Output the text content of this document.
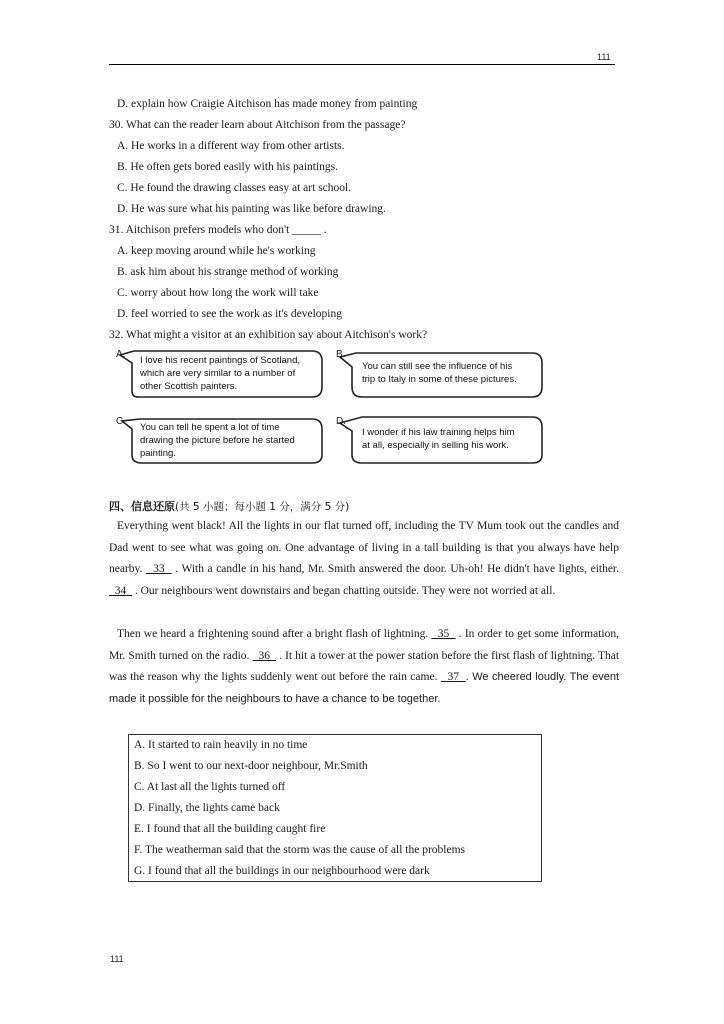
111
D. explain how Craigie Aitchison has made money from painting
30. What can the reader learn about Aitchison from the passage?
A. He works in a different way from other artists.
B. He often gets bored easily with his paintings.
C. He found the drawing classes easy at art school.
D. He was sure what his painting was like before drawing.
31. Aitchison prefers models who don't _____ .
A. keep moving around while he's working
B. ask him about his strange method of working
C. worry about how long the work will take
D. feel worried to see the work as it's developing
32. What might a visitor at an exhibition say about Aitchison's work?
A.
I love his recent paintings of Scotland,
which are very similar to a number of
other Scottish painters.
B.
You can still see the influence of his
trip to Italy in some of these pictures.
C.
You can tell he spent a lot of time
drawing the picture before he started
painting.
D.
I wonder if his law training helps him
at all, especially in selling his work.
四、信息还原(共 5 小题；每小题 1 分，满分 5 分)
Everything went black! All the lights in our flat turned off, including the TV Mum took out the candles and Dad went to see what was going on. One advantage of living in a tall building is that you always have help nearby.   33   . With a candle in his hand, Mr. Smith answered the door. Uh-oh! He didn't have lights, either.   34   . Our neighbours went downstairs and began chatting outside. They were not worried at all.
Then we heard a frightening sound after a bright flash of lightning.   35   . In order to get some information, Mr. Smith turned on the radio.   36   . It hit a tower at the power station before the first flash of lightning. That was the reason why the lights suddenly went out before the rain came.   37 . We cheered loudly. The event made it possible for the neighbours to have a chance to be together.
A. It started to rain heavily in no time
B. So I went to our next-door neighbour, Mr.Smith
C. At last all the lights turned off
D. Finally, the lights came back
E. I found that all the building caught fire
F. The weatherman said that the storm was the cause of all the problems
G. I found that all the buildings in our neighbourhood were dark
111
